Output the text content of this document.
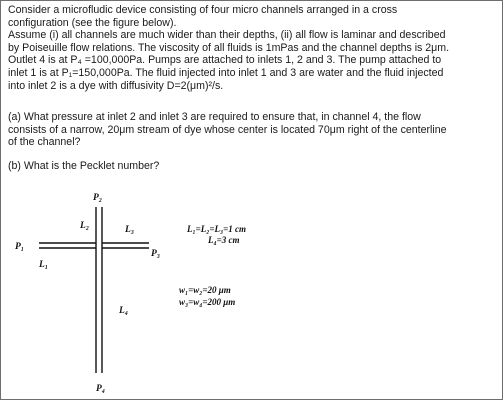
Consider a microfludic device consisting of four micro channels arranged in a cross
configuration (see the figure below).
Assume (i) all channels are much wider than their depths, (ii) all flow is laminar and described
by Poiseuille flow relations. The viscosity of all fluids is 1mPas and the channel depths is 2μm.
Outlet 4 is at P₄ =100,000Pa. Pumps are attached to inlets 1, 2 and 3. The pump attached to
inlet 1 is at P₁=150,000Pa. The fluid injected into inlet 1 and 3 are water and the fluid injected
into inlet 2 is a dye with diffusivity D=2(μm)²/s.
(a) What pressure at inlet 2 and inlet 3 are required to ensure that, in channel 4, the flow
consists of a narrow, 20μm stream of dye whose center is located 70μm right of the centerline
of the channel?
(b) What is the Pecklet number?
P₂
L₂	L₃
P₁
P₃
L₁
L₄
P₄
L₁=L₂=L₃=1 cm
L₄=3 cm
w₁=w₂=20 μm
w₃=w₄=200 μm
